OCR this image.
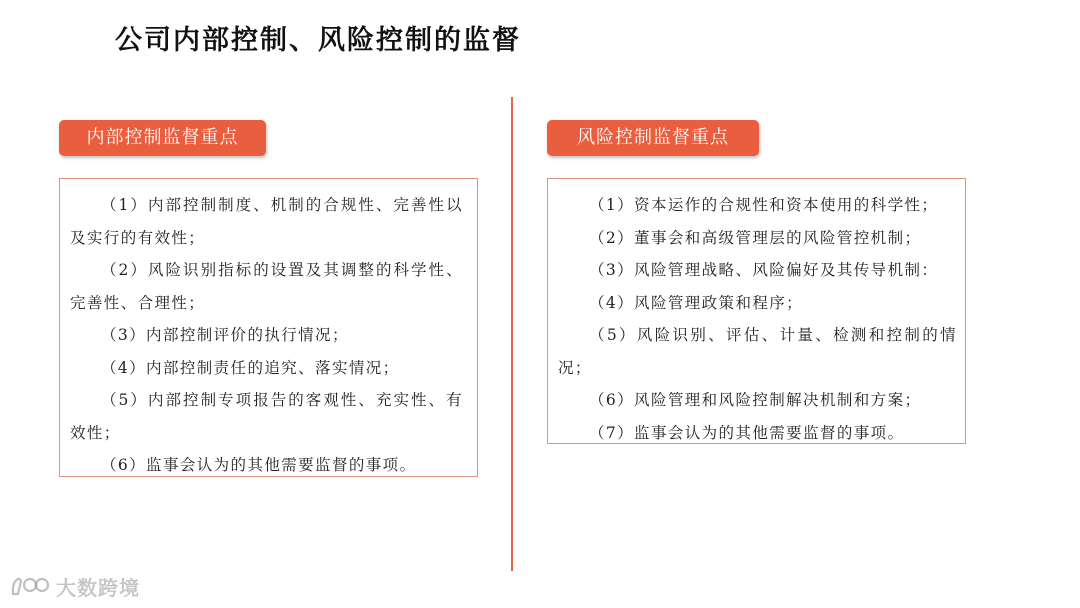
公司内部控制、风险控制的监督
内部控制监督重点	风险控制监督重点

（1）内部控制制度、机制的合规性、完善性以及实行的有效性；

（2）风险识别指标的设置及其调整的科学性、完善性、合理性；

（3）内部控制评价的执行情况；

（4）内部控制责任的追究、落实情况；

（5）内部控制专项报告的客观性、充实性、有效性；

（6）监事会认为的其他需要监督的事项。

（1）资本运作的合规性和资本使用的科学性；

（2）董事会和高级管理层的风险管控机制；

（3）风险管理战略、风险偏好及其传导机制：

（4）风险管理政策和程序；

（5）风险识别、评估、计量、检测和控制的情况；

（6）风险管理和风险控制解决机制和方案；

（7）监事会认为的其他需要监督的事项。

大数跨境
